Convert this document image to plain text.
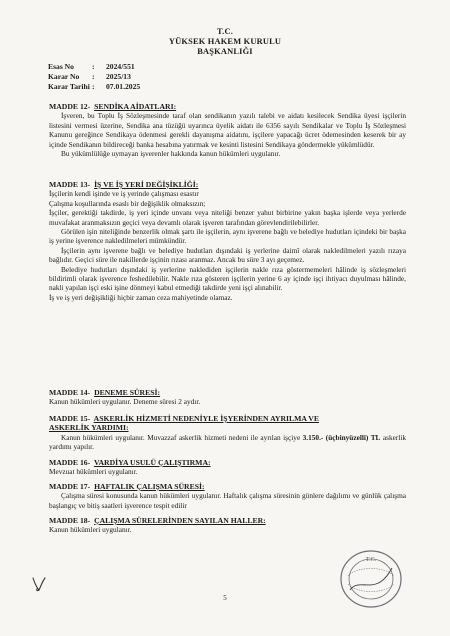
T.C.
YÜKSEK HAKEM KURULU
BAŞKANLIĞI
Esas No : 2024/551
Karar No : 2025/13
Karar Tarihi : 07.01.2025
MADDE 12- SENDİKA AİDATLARI:

İşveren, bu Toplu İş Sözleşmesinde taraf olan sendikanın yazılı talebi ve aidatı kesilecek Sendika üyesi işçilerin listesini vermesi üzerine, Sendika ana tüzüğü uyarınca üyelik aidatı ile 6356 sayılı Sendikalar ve Toplu İş Sözleşmesi Kanunu gereğince Sendikaya ödenmesi gerekli dayanışma aidatını, işçilere yapacağı ücret ödemesinden keserek bir ay içinde Sendikanın bildireceği banka hesabına yatırmak ve kesinti listesini Sendikaya göndermekle yükümlüdür.

Bu yükümlülüğe uymayan işverenler hakkında kanun hükümleri uygulanır.

MADDE 13- İŞ VE İŞ YERİ DEĞİŞİKLİĞİ:

İşçilerin kendi işinde ve iş yerinde çalışması esastır

Çalışma koşullarında esaslı bir değişiklik olmaksızın;

İşçiler, gerektiği takdirde, iş yeri içinde unvanı veya niteliği benzer yahut birbirine yakın başka işlerde veya yerlerde muvafakat aranmaksızın geçici veya devamlı olarak işveren tarafından görevlendirilebilirler.

Görülen işin niteliğinde benzerlik olmak şartı ile işçilerin, aynı işverene bağlı ve belediye hudutları içindeki bir başka iş yerine işverence nakledilmeleri mümkündür.

İşçilerin aynı işverene bağlı ve belediye hudutları dışındaki iş yerlerine daimî olarak nakledilmeleri yazılı rızaya bağlıdır. Geçici süre ile nakillerde işçinin rızası aranmaz. Ancak bu süre 3 ayı geçemez.

Belediye hudutları dışındaki iş yerlerine naklediden işçilerin nakle rıza göstermemeleri hâlinde iş sözleşmeleri bildirimli olarak işverence feshedilebilir. Nakle rıza gösteren işçilerin yerine 6 ay içinde işçi ihtiyacı duyulması hâlinde, nakli yapılan işçi eski işine dönmeyi kabul etmediği takdirde yeni işçi alınabilir.

İş ve iş yeri değişikliği hiçbir zaman ceza mahiyetinde olamaz.

MADDE 14- DENEME SÜRESİ:

Kanun hükümleri uygulanır. Deneme süresi 2 aydır.

MADDE 15- ASKERLİK HİZMETİ NEDENİYLE İŞYERİNDEN AYRILMA VE
ASKERLİK YARDIMI:

Kanun hükümleri uygulanır. Muvazzaf askerlik hizmeti nedeni ile ayrılan işçiye 3.150.- (üçbinyüzelli) TL askerlik yardımı yapılır.

MADDE 16- VARDİYA USULÜ ÇALIŞTIRMA:

Mevzuat hükümleri uygulanır.

MADDE 17- HAFTALIK ÇALIŞMA SÜRESİ:

Çalışma süresi konusunda kanun hükümleri uygulanır. Haftalık çalışma süresinin günlere dağılımı ve günlük çalışma başlangıç ve bitiş saatleri işverence tespit edilir

MADDE 18- ÇALIŞMA SÜRELERİNDEN SAYILAN HALLER:

Kanun hükümleri uygulanır.

T.C.
5
